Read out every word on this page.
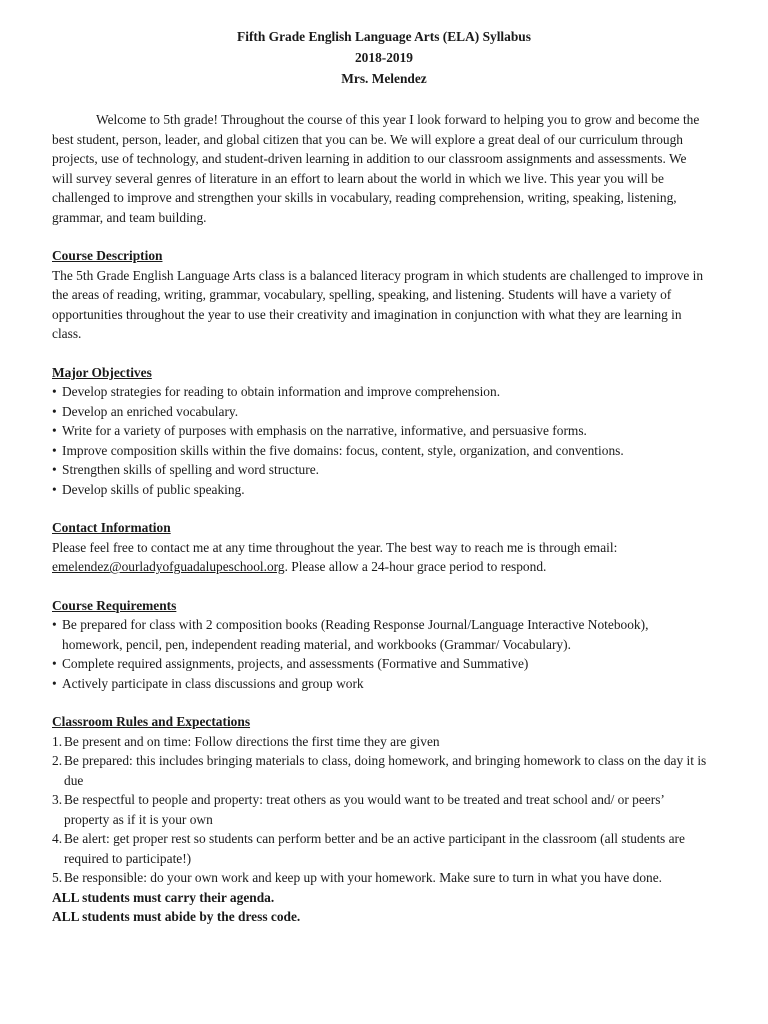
Fifth Grade English Language Arts (ELA) Syllabus
2018-2019
Mrs. Melendez
Welcome to 5th grade! Throughout the course of this year I look forward to helping you to grow and become the best student, person, leader, and global citizen that you can be. We will explore a great deal of our curriculum through projects, use of technology, and student-driven learning in addition to our classroom assignments and assessments. We will survey several genres of literature in an effort to learn about the world in which we live. This year you will be challenged to improve and strengthen your skills in vocabulary, reading comprehension, writing, speaking, listening, grammar, and team building.
Course Description
The 5th Grade English Language Arts class is a balanced literacy program in which students are challenged to improve in the areas of reading, writing, grammar, vocabulary, spelling, speaking, and listening. Students will have a variety of opportunities throughout the year to use their creativity and imagination in conjunction with what they are learning in class.
Major Objectives
• Develop strategies for reading to obtain information and improve comprehension.
• Develop an enriched vocabulary.
• Write for a variety of purposes with emphasis on the narrative, informative, and persuasive forms.
• Improve composition skills within the five domains: focus, content, style, organization, and conventions.
• Strengthen skills of spelling and word structure.
• Develop skills of public speaking.
Contact Information
Please feel free to contact me at any time throughout the year. The best way to reach me is through email: emelendez@ourladyofguadalupeschool.org. Please allow a 24-hour grace period to respond.
Course Requirements
• Be prepared for class with 2 composition books (Reading Response Journal/Language Interactive Notebook), homework, pencil, pen, independent reading material, and workbooks (Grammar/ Vocabulary).
• Complete required assignments, projects, and assessments (Formative and Summative)
• Actively participate in class discussions and group work
Classroom Rules and Expectations
1. Be present and on time: Follow directions the first time they are given
2. Be prepared: this includes bringing materials to class, doing homework, and bringing homework to class on the day it is due
3. Be respectful to people and property: treat others as you would want to be treated and treat school and/ or peers’ property as if it is your own
4. Be alert: get proper rest so students can perform better and be an active participant in the classroom (all students are required to participate!)
5. Be responsible: do your own work and keep up with your homework. Make sure to turn in what you have done.
ALL students must carry their agenda.
ALL students must abide by the dress code.
